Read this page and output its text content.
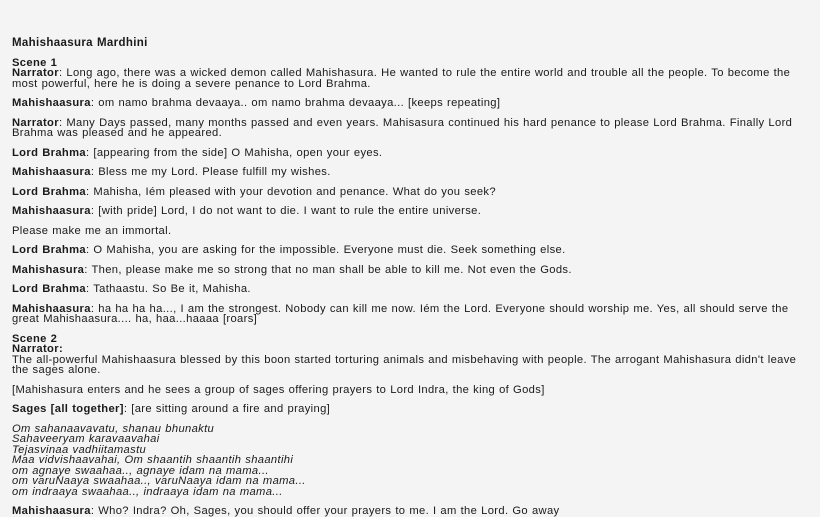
Mahishaasura Mardhini
Scene 1
Narrator: Long ago, there was a wicked demon called Mahishasura. He wanted to rule the entire world and trouble all the people. To become the most powerful, here he is doing a severe penance to Lord Brahma.
Mahishaasura: om namo brahma devaaya.. om namo brahma devaaya... [keeps repeating]
Narrator: Many Days passed, many months passed and even years. Mahisasura continued his hard penance to please Lord Brahma. Finally Lord Brahma was pleased and he appeared.
Lord Brahma: [appearing from the side] O Mahisha, open your eyes.
Mahishaasura: Bless me my Lord. Please fulfill my wishes.
Lord Brahma: Mahisha, Iém pleased with your devotion and penance. What do you seek?
Mahishaasura: [with pride] Lord, I do not want to die. I want to rule the entire universe.
Please make me an immortal.
Lord Brahma: O Mahisha, you are asking for the impossible. Everyone must die. Seek something else.
Mahishasura: Then, please make me so strong that no man shall be able to kill me. Not even the Gods.
Lord Brahma: Tathaastu. So Be it, Mahisha.
Mahishaasura: ha ha ha ha..., I am the strongest. Nobody can kill me now. Iém the Lord. Everyone should worship me. Yes, all should serve the great Mahishaasura.... ha, haa...haaaa [roars]
Scene 2
Narrator:
The all-powerful Mahishaasura blessed by this boon started torturing animals and misbehaving with people. The arrogant Mahishasura didn't leave the sages alone.
[Mahishasura enters and he sees a group of sages offering prayers to Lord Indra, the king of Gods]
Sages [all together]: [are sitting around a fire and praying]
Om sahanaavavatu, shanau bhunaktu
Sahaveeryam karavaavahai
Tejasvinaa vadhiitamastu
Maa vidvishaavahai, Om shaantih shaantih shaantihi
om agnaye swaahaa.., agnaye idam na mama...
om varuNaaya swaahaa.., varuNaaya idam na mama...
om indraaya swaahaa.., indraaya idam na mama...
Mahishaasura: Who? Indra? Oh, Sages, you should offer your prayers to me. I am the Lord. Go away
